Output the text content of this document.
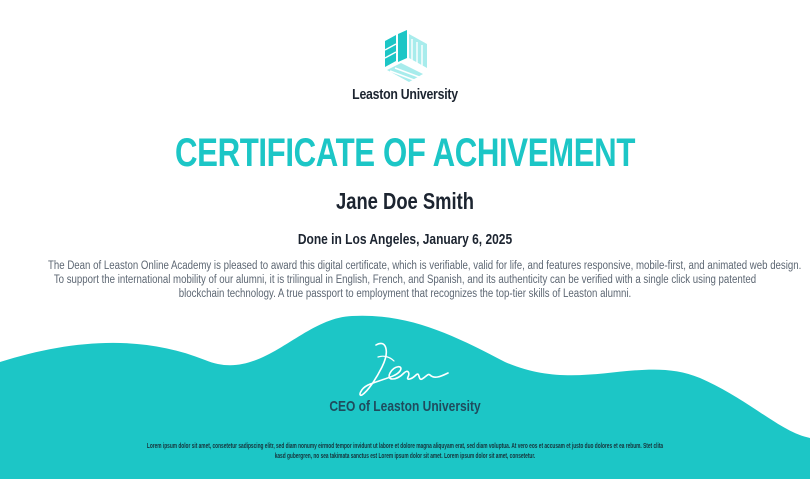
Leaston University
CERTIFICATE OF ACHIVEMENT
Jane Doe Smith
Done in Los Angeles, January 6, 2025

The Dean of Leaston Online Academy is pleased to award this digital certificate, which is verifiable, valid for life, and features responsive, mobile-first, and animated web design.

To support the international mobility of our alumni, it is trilingual in English, French, and Spanish, and its authenticity can be verified with a single click using patented

blockchain technology. A true passport to employment that recognizes the top-tier skills of Leaston alumni.

CEO of Leaston University

Lorem ipsum dolor sit amet, consetetur sadipscing elitr, sed diam nonumy eirmod tempor invidunt ut labore et dolore magna aliquyam erat, sed diam voluptua. At vero eos et accusam et justo duo dolores et ea rebum. Stet clita

kasd gubergren, no sea takimata sanctus est Lorem ipsum dolor sit amet. Lorem ipsum dolor sit amet, consetetur.
